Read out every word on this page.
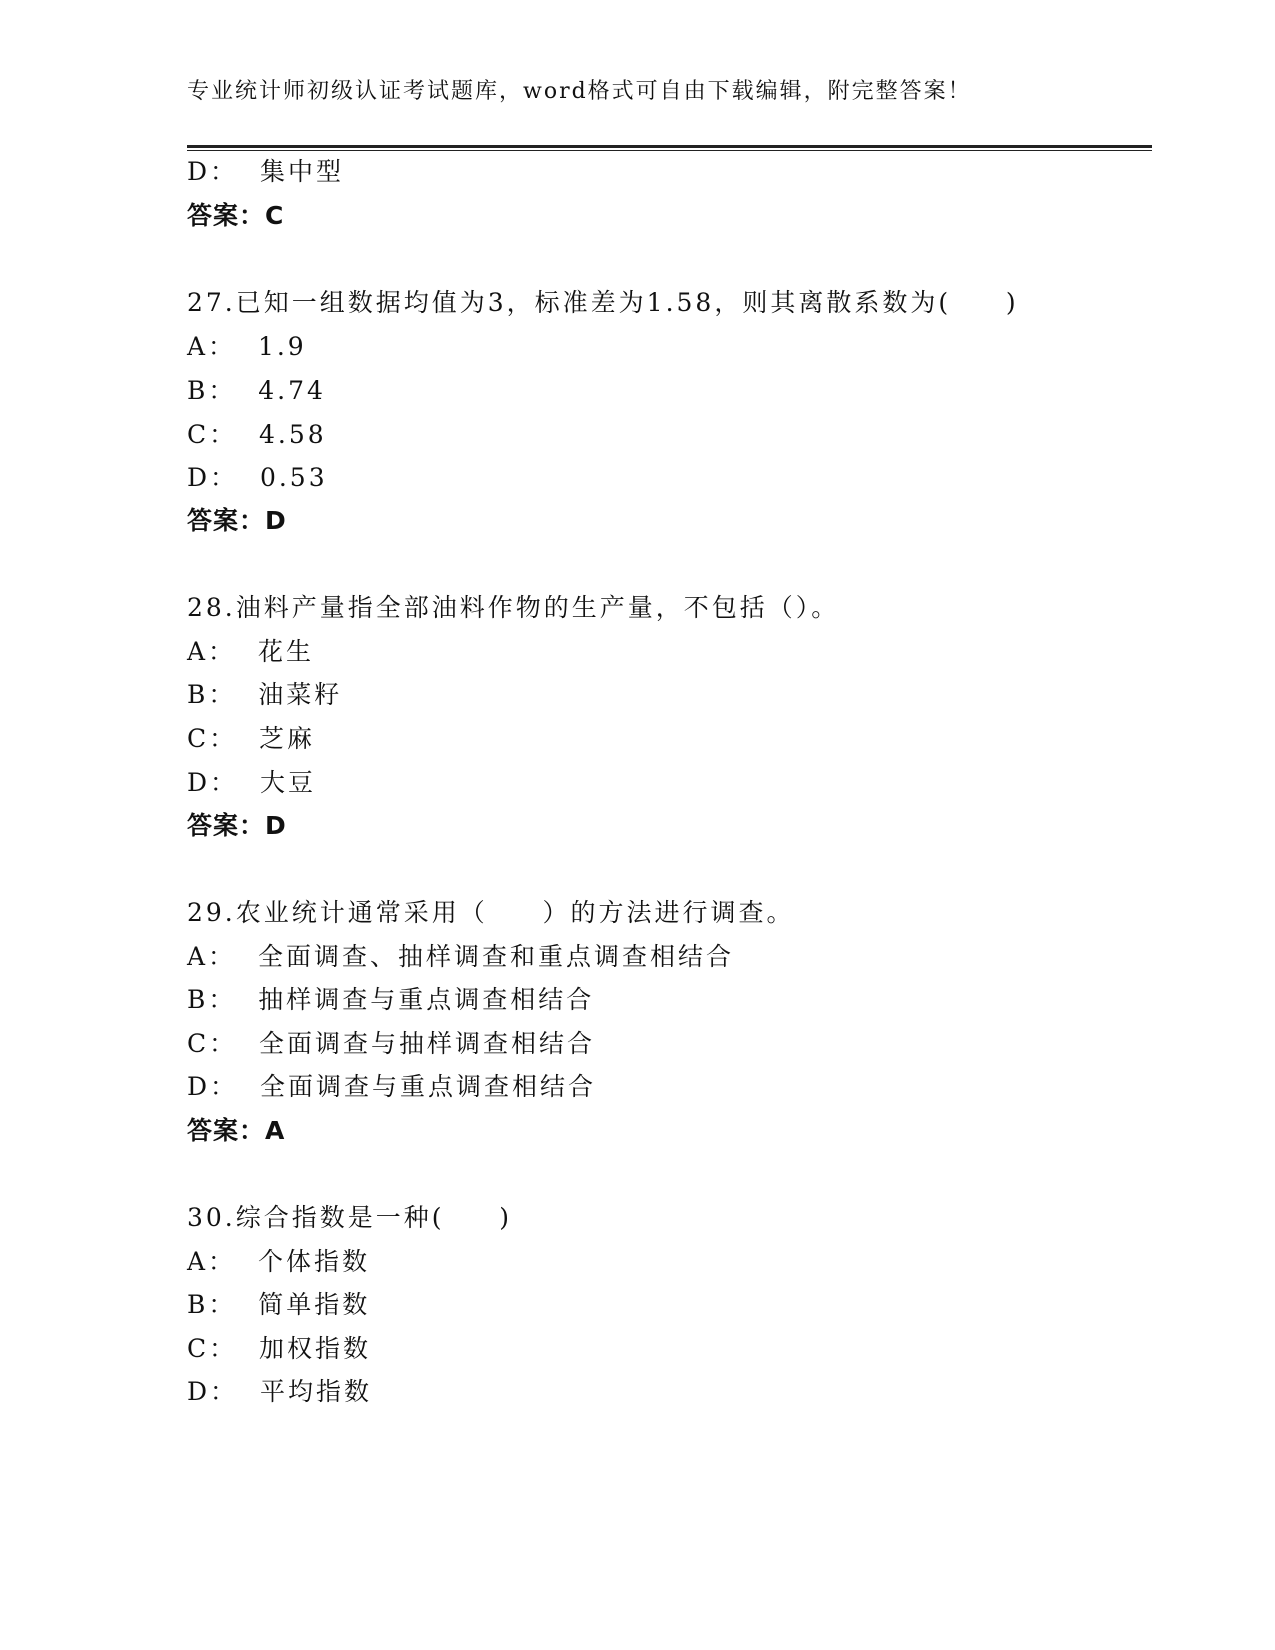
专业统计师初级认证考试题库，word格式可自由下载编辑，附完整答案！
D：  集中型
答案：C
27.已知一组数据均值为3，标准差为1.58，则其离散系数为(     )
A：  1.9
B：  4.74
C：  4.58
D：  0.53
答案：D
28.油料产量指全部油料作物的生产量，不包括（）。
A：  花生
B：  油菜籽
C：  芝麻
D：  大豆
答案：D
29.农业统计通常采用（     ）的方法进行调查。
A：  全面调查、抽样调查和重点调查相结合
B：  抽样调查与重点调查相结合
C：  全面调查与抽样调查相结合
D：  全面调查与重点调查相结合
答案：A
30.综合指数是一种(     )
A：  个体指数
B：  简单指数
C：  加权指数
D：  平均指数
